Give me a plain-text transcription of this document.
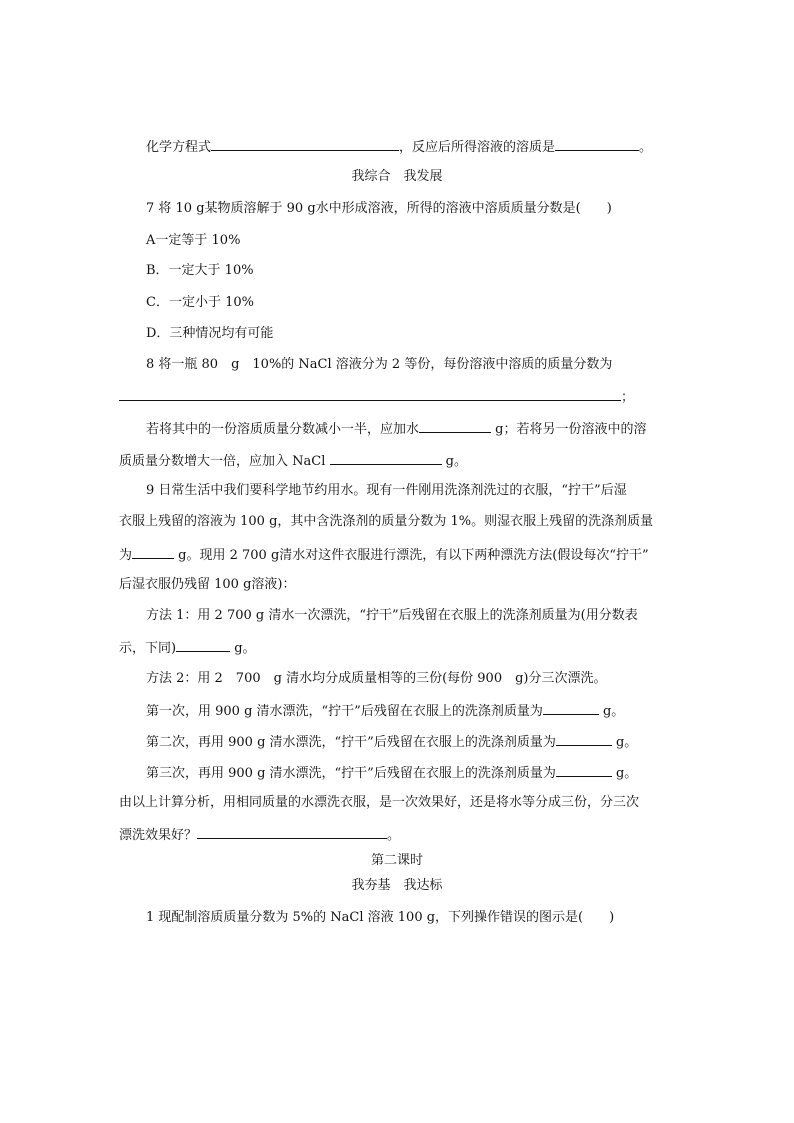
化学方程式	，反应后所得溶液的溶质是	。
我综合　我发展
7 将 10 g某物质溶解于 90 g水中形成溶液，所得的溶液中溶质质量分数是(　　)
A一定等于 10%
B．一定大于 10%
C．一定小于 10%
D．三种情况均有可能
8 将一瓶 80　g　10%的 NaCl 溶液分为 2 等份，每份溶液中溶质的质量分数为
；
若将其中的一份溶质质量分数减小一半，应加水	g；若将另一份溶液中的溶
质质量分数增大一倍，应加入 NaCl	g。
9 日常生活中我们要科学地节约用水。现有一件刚用洗涤剂洗过的衣服，“拧干”后湿
衣服上残留的溶液为 100 g，其中含洗涤剂的质量分数为 1%。则湿衣服上残留的洗涤剂质量
为	g。现用 2 700 g清水对这件衣服进行漂洗，有以下两种漂洗方法(假设每次“拧干”
后湿衣服仍残留 100 g溶液)：
方法 1：用 2 700 g 清水一次漂洗，“拧干”后残留在衣服上的洗涤剂质量为(用分数表
示，下同)	g。
方法 2：用 2　700　g 清水均分成质量相等的三份(每份 900　g)分三次漂洗。
第一次，用 900 g 清水漂洗，“拧干”后残留在衣服上的洗涤剂质量为	g。
第二次，再用 900 g 清水漂洗，“拧干”后残留在衣服上的洗涤剂质量为	g。
第三次，再用 900 g 清水漂洗，“拧干”后残留在衣服上的洗涤剂质量为	g。
由以上计算分析，用相同质量的水漂洗衣服，是一次效果好，还是将水等分成三份，分三次
漂洗效果好？	。
第二课时
我夯基　我达标
1 现配制溶质质量分数为 5%的 NaCl 溶液 100 g，下列操作错误的图示是(　　)
